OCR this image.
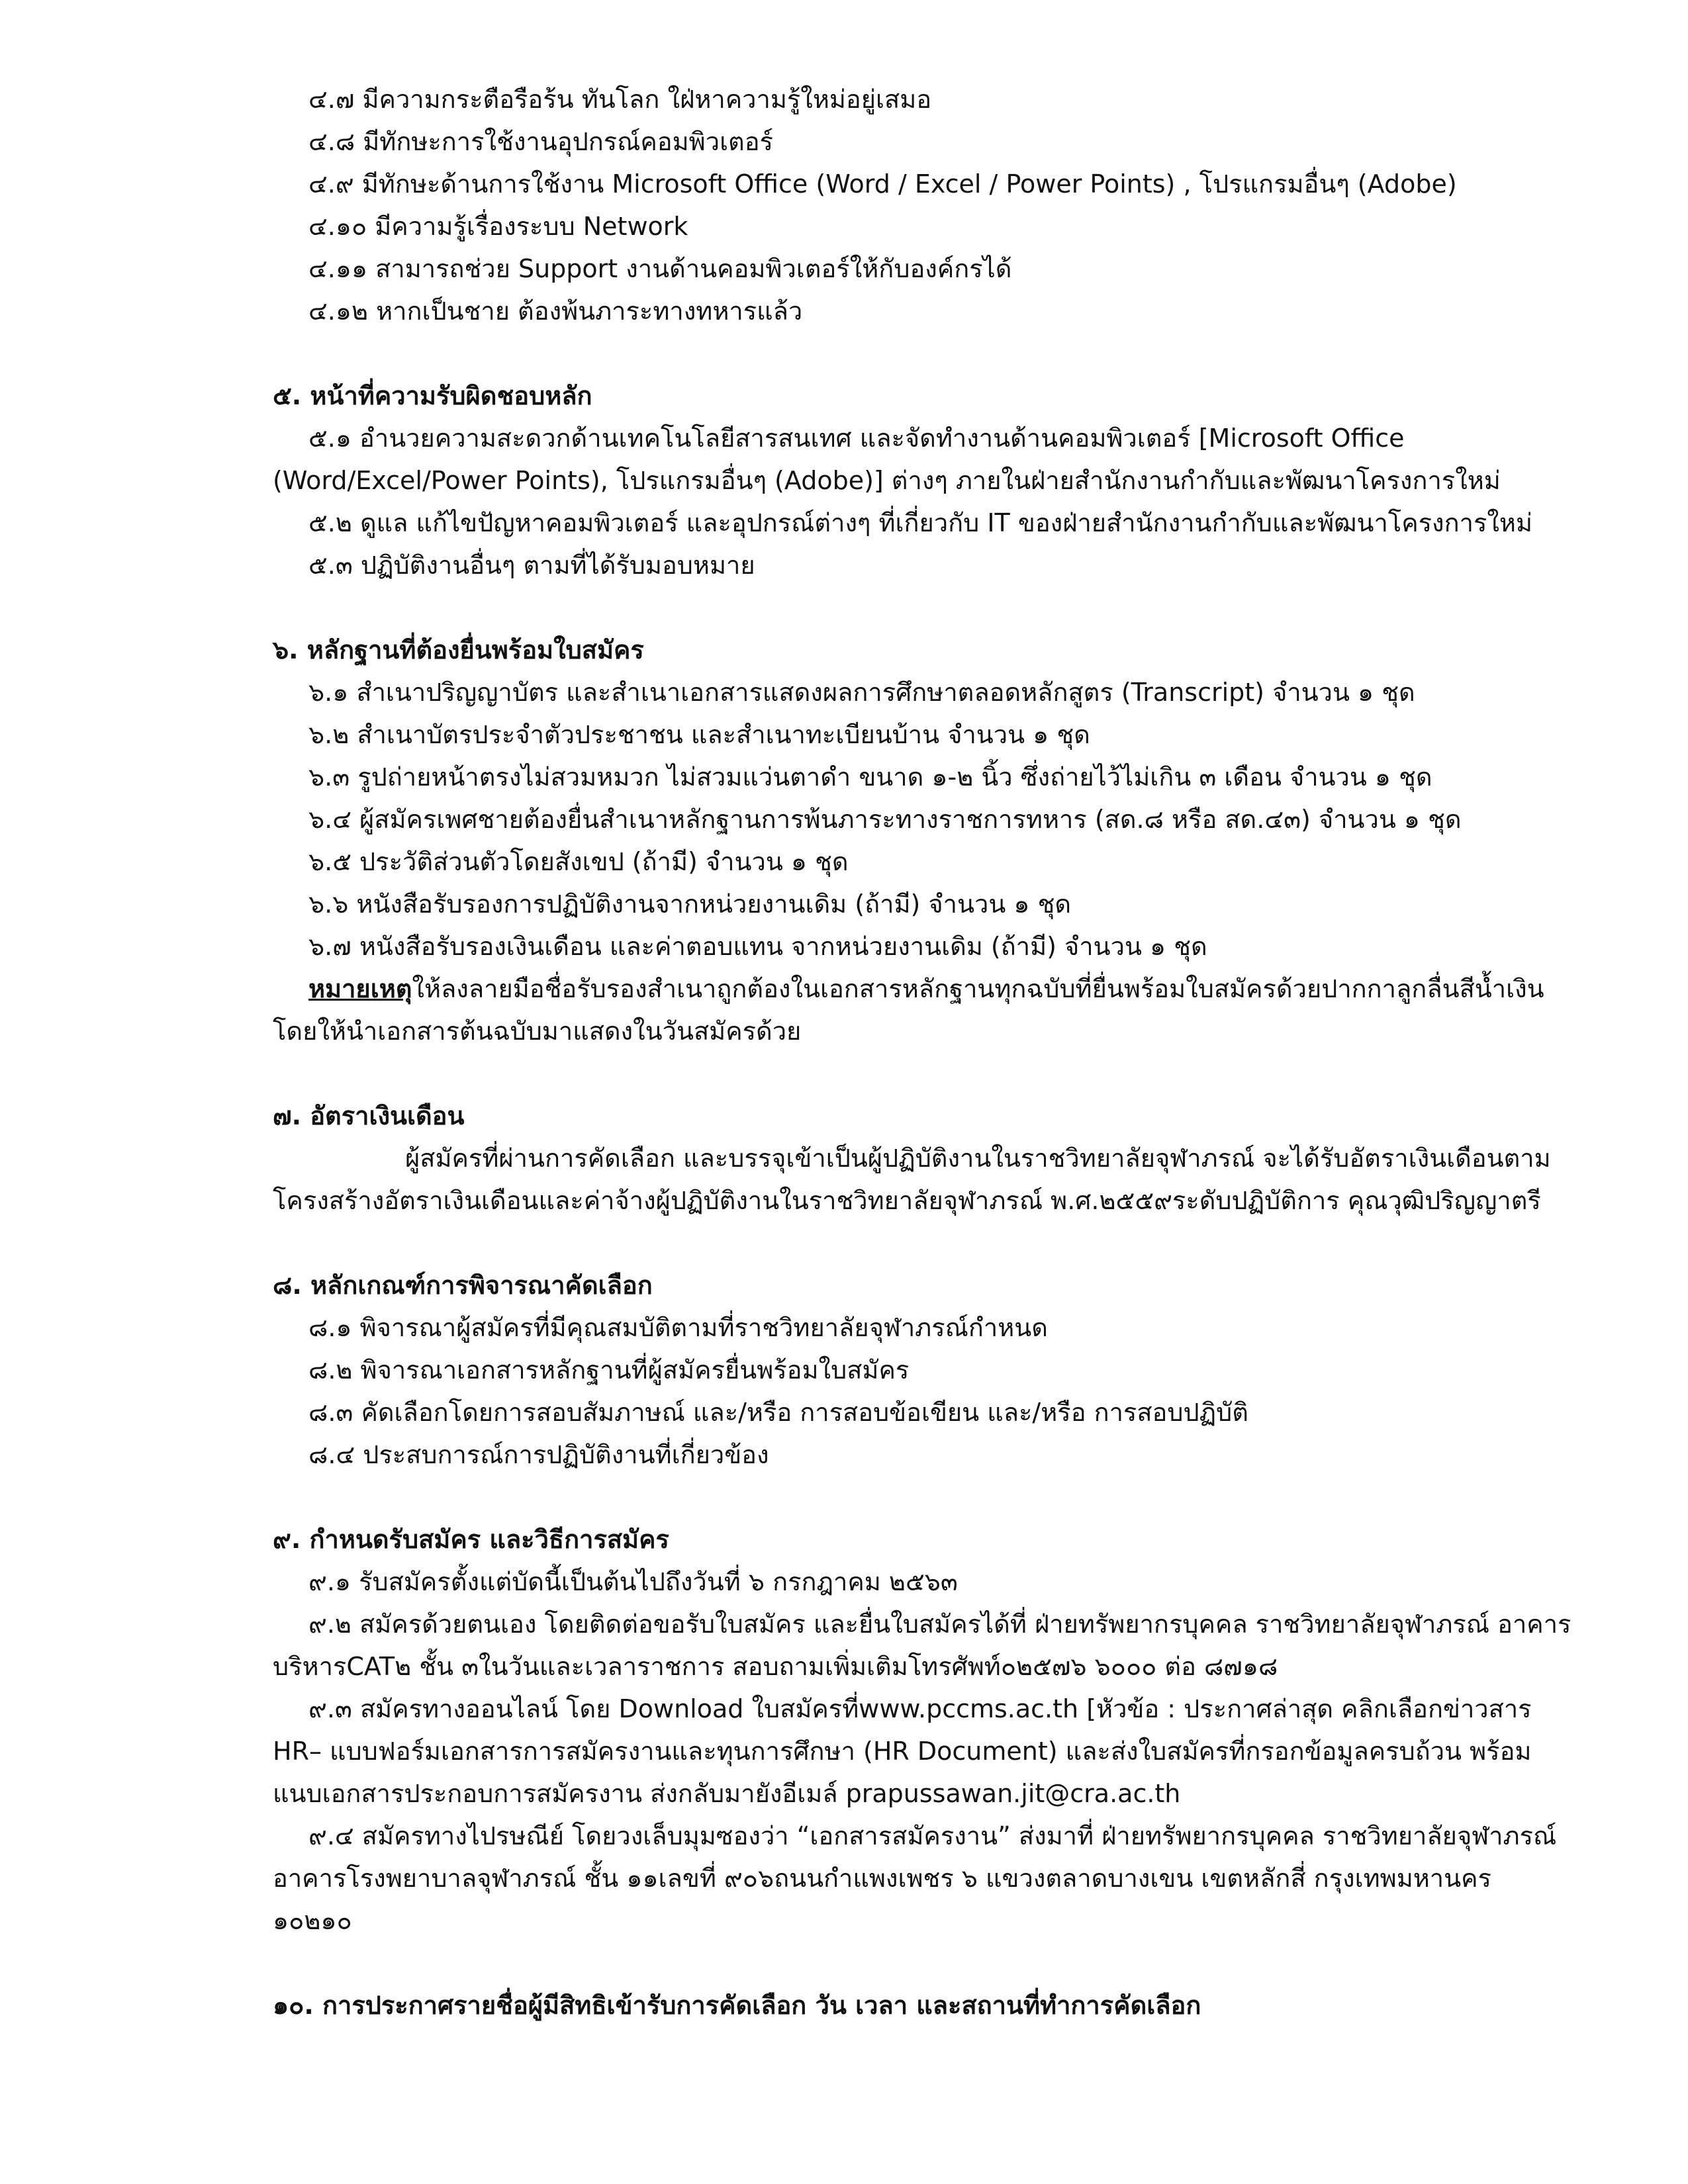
๔.๗ มีความกระตือรือร้น ทันโลก ใฝ่หาความรู้ใหม่อยู่เสมอ
๔.๘ มีทักษะการใช้งานอุปกรณ์คอมพิวเตอร์
๔.๙ มีทักษะด้านการใช้งาน Microsoft Office (Word / Excel / Power Points) , โปรแกรมอื่นๆ (Adobe)
๔.๑๐ มีความรู้เรื่องระบบ Network
๔.๑๑ สามารถช่วย Support งานด้านคอมพิวเตอร์ให้กับองค์กรได้
๔.๑๒ หากเป็นชาย ต้องพ้นภาระทางทหารแล้ว
๕. หน้าที่ความรับผิดชอบหลัก
๕.๑ อำนวยความสะดวกด้านเทคโนโลยีสารสนเทศ และจัดทำงานด้านคอมพิวเตอร์ [Microsoft Office
(Word/Excel/Power Points), โปรแกรมอื่นๆ (Adobe)] ต่างๆ ภายในฝ่ายสำนักงานกำกับและพัฒนาโครงการใหม่
๕.๒ ดูแล แก้ไขปัญหาคอมพิวเตอร์ และอุปกรณ์ต่างๆ ที่เกี่ยวกับ IT ของฝ่ายสำนักงานกำกับและพัฒนาโครงการใหม่
๕.๓ ปฏิบัติงานอื่นๆ ตามที่ได้รับมอบหมาย
๖. หลักฐานที่ต้องยื่นพร้อมใบสมัคร
๖.๑ สำเนาปริญญาบัตร และสำเนาเอกสารแสดงผลการศึกษาตลอดหลักสูตร (Transcript) จำนวน ๑ ชุด
๖.๒ สำเนาบัตรประจำตัวประชาชน และสำเนาทะเบียนบ้าน จำนวน ๑ ชุด
๖.๓ รูปถ่ายหน้าตรงไม่สวมหมวก ไม่สวมแว่นตาดำ ขนาด ๑-๒ นิ้ว ซึ่งถ่ายไว้ไม่เกิน ๓ เดือน จำนวน ๑ ชุด
๖.๔ ผู้สมัครเพศชายต้องยื่นสำเนาหลักฐานการพ้นภาระทางราชการทหาร (สด.๘ หรือ สด.๔๓) จำนวน ๑ ชุด
๖.๕ ประวัติส่วนตัวโดยสังเขป (ถ้ามี) จำนวน ๑ ชุด
๖.๖ หนังสือรับรองการปฏิบัติงานจากหน่วยงานเดิม (ถ้ามี) จำนวน ๑ ชุด
๖.๗ หนังสือรับรองเงินเดือน และค่าตอบแทน จากหน่วยงานเดิม (ถ้ามี) จำนวน ๑ ชุด
หมายเหตุให้ลงลายมือชื่อรับรองสำเนาถูกต้องในเอกสารหลักฐานทุกฉบับที่ยื่นพร้อมใบสมัครด้วยปากกาลูกลื่นสีน้ำเงิน
โดยให้นำเอกสารต้นฉบับมาแสดงในวันสมัครด้วย
๗. อัตราเงินเดือน
ผู้สมัครที่ผ่านการคัดเลือก และบรรจุเข้าเป็นผู้ปฏิบัติงานในราชวิทยาลัยจุฬาภรณ์ จะได้รับอัตราเงินเดือนตาม
โครงสร้างอัตราเงินเดือนและค่าจ้างผู้ปฏิบัติงานในราชวิทยาลัยจุฬาภรณ์ พ.ศ.๒๕๕๙ระดับปฏิบัติการ คุณวุฒิปริญญาตรี
๘. หลักเกณฑ์การพิจารณาคัดเลือก
๘.๑ พิจารณาผู้สมัครที่มีคุณสมบัติตามที่ราชวิทยาลัยจุฬาภรณ์กำหนด
๘.๒ พิจารณาเอกสารหลักฐานที่ผู้สมัครยื่นพร้อมใบสมัคร
๘.๓ คัดเลือกโดยการสอบสัมภาษณ์ และ/หรือ การสอบข้อเขียน และ/หรือ การสอบปฏิบัติ
๘.๔ ประสบการณ์การปฏิบัติงานที่เกี่ยวข้อง
๙. กำหนดรับสมัคร และวิธีการสมัคร
๙.๑ รับสมัครตั้งแต่บัดนี้เป็นต้นไปถึงวันที่ ๖ กรกฎาคม ๒๕๖๓
๙.๒ สมัครด้วยตนเอง โดยติดต่อขอรับใบสมัคร และยื่นใบสมัครได้ที่ ฝ่ายทรัพยากรบุคคล ราชวิทยาลัยจุฬาภรณ์ อาคาร
บริหารCAT๒ ชั้น ๓ในวันและเวลาราชการ สอบถามเพิ่มเติมโทรศัพท์๐๒๕๗๖ ๖๐๐๐ ต่อ ๘๗๑๘
๙.๓ สมัครทางออนไลน์ โดย Download ใบสมัครที่www.pccms.ac.th [หัวข้อ : ประกาศล่าสุด คลิกเลือกข่าวสาร
HR– แบบฟอร์มเอกสารการสมัครงานและทุนการศึกษา (HR Document) และส่งใบสมัครที่กรอกข้อมูลครบถ้วน พร้อม
แนบเอกสารประกอบการสมัครงาน ส่งกลับมายังอีเมล์ prapussawan.jit@cra.ac.th
๙.๔ สมัครทางไปรษณีย์ โดยวงเล็บมุมซองว่า “เอกสารสมัครงาน” ส่งมาที่ ฝ่ายทรัพยากรบุคคล ราชวิทยาลัยจุฬาภรณ์
อาคารโรงพยาบาลจุฬาภรณ์ ชั้น ๑๑เลขที่ ๙๐๖ถนนกำแพงเพชร ๖ แขวงตลาดบางเขน เขตหลักสี่ กรุงเทพมหานคร
๑๐๒๑๐
๑๐. การประกาศรายชื่อผู้มีสิทธิเข้ารับการคัดเลือก วัน เวลา และสถานที่ทำการคัดเลือก
